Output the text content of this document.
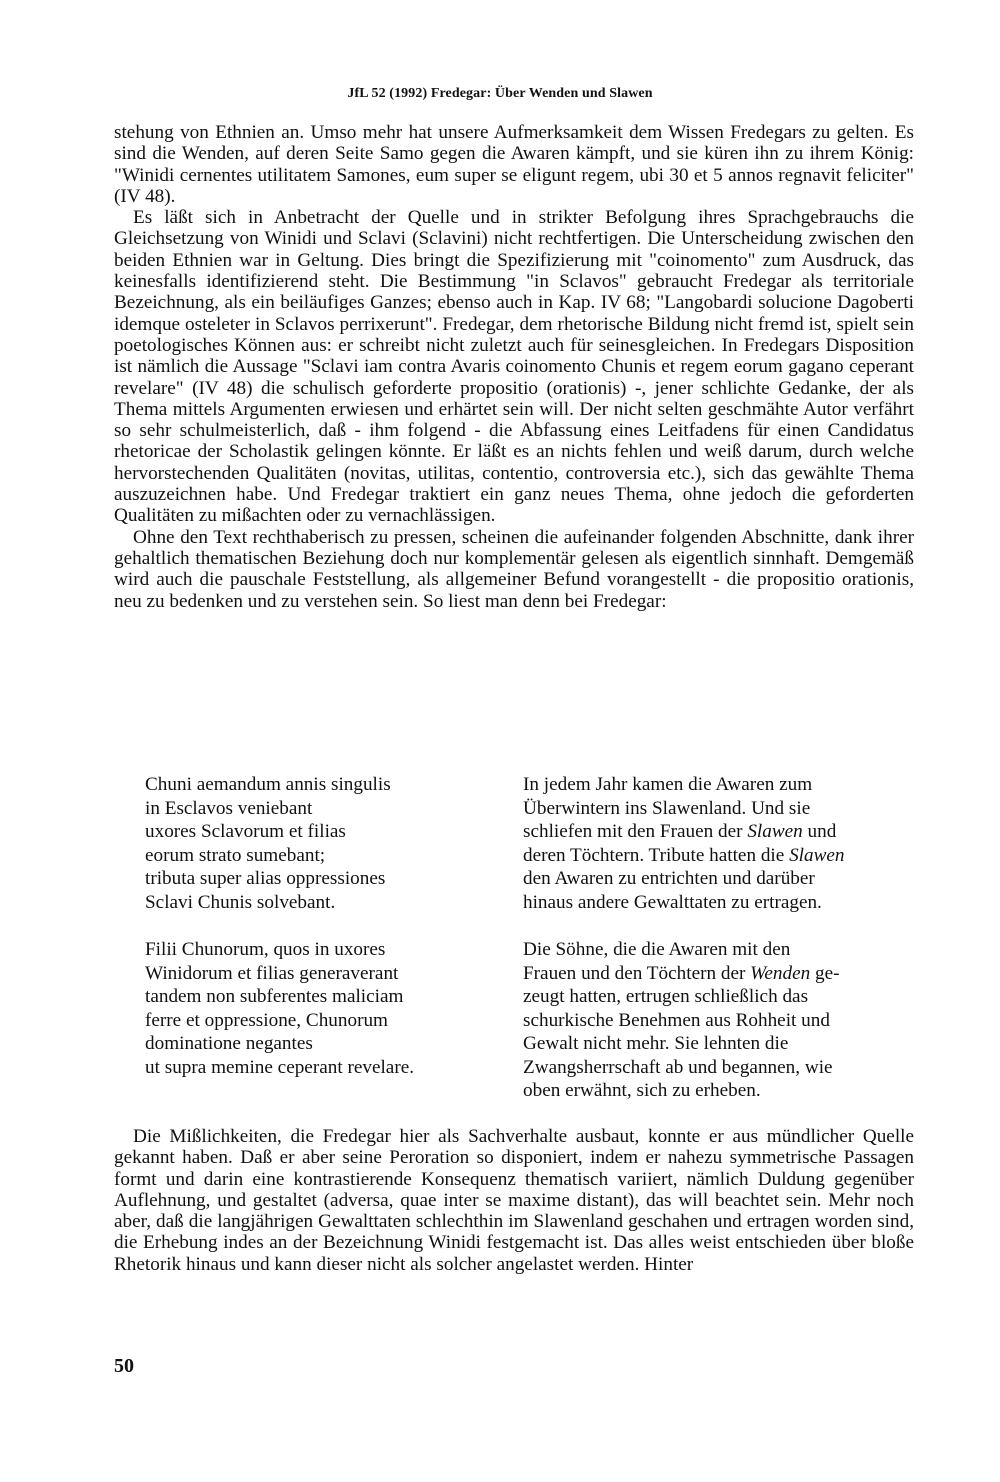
JfL 52 (1992) Fredegar: Über Wenden und Slawen

stehung von Ethnien an. Umso mehr hat unsere Aufmerksamkeit dem Wissen Fredegars zu gelten. Es sind die Wenden, auf deren Seite Samo gegen die Awaren kämpft, und sie küren ihn zu ihrem König: "Winidi cernentes utilitatem Samones, eum super se eligunt regem, ubi 30 et 5 annos regnavit feliciter" (IV 48).

Es läßt sich in Anbetracht der Quelle und in strikter Befolgung ihres Sprachgebrauchs die Gleichsetzung von Winidi und Sclavi (Sclavini) nicht rechtfertigen. Die Unterscheidung zwischen den beiden Ethnien war in Geltung. Dies bringt die Spezifizierung mit "coinomento" zum Ausdruck, das keinesfalls identifizierend steht. Die Bestimmung "in Sclavos" gebraucht Fredegar als territoriale Bezeichnung, als ein beiläufiges Ganzes; ebenso auch in Kap. IV 68; "Langobardi solucione Dagoberti idemque osteleter in Sclavos perrixerunt". Fredegar, dem rhetorische Bildung nicht fremd ist, spielt sein poetologisches Können aus: er schreibt nicht zuletzt auch für seinesgleichen. In Fredegars Disposition ist nämlich die Aussage "Sclavi iam contra Avaris coinomento Chunis et regem eorum gagano ceperant revelare" (IV 48) die schulisch geforderte propositio (orationis) -, jener schlichte Gedanke, der als Thema mittels Argumenten erwiesen und erhärtet sein will. Der nicht selten geschmähte Autor verfährt so sehr schulmeisterlich, daß - ihm folgend - die Abfassung eines Leitfadens für einen Candidatus rhetoricae der Scholastik gelingen könnte. Er läßt es an nichts fehlen und weiß darum, durch welche hervorstechenden Qualitäten (novitas, utilitas, contentio, controversia etc.), sich das gewählte Thema auszuzeichnen habe. Und Fredegar traktiert ein ganz neues Thema, ohne jedoch die geforderten Qualitäten zu mißachten oder zu vernachlässigen.

Ohne den Text rechthaberisch zu pressen, scheinen die aufeinander folgenden Abschnitte, dank ihrer gehaltlich thematischen Beziehung doch nur komplementär gelesen als eigentlich sinnhaft. Demgemäß wird auch die pauschale Feststellung, als allgemeiner Befund vorangestellt - die propositio orationis, neu zu bedenken und zu verstehen sein. So liest man denn bei Fredegar:

Chuni aemandum annis singulis
in Esclavos veniebant
uxores Sclavorum et filias
eorum strato sumebant;
tributa super alias oppressiones
Sclavi Chunis solvebant.
Filii Chunorum, quos in uxores
Winidorum et filias generaverant
tandem non subferentes maliciam
ferre et oppressione, Chunorum
dominatione negantes
ut supra memine ceperant revelare.
In jedem Jahr kamen die Awaren zum
Überwintern ins Slawenland. Und sie
schliefen mit den Frauen der Slawen und
deren Töchtern. Tribute hatten die Slawen
den Awaren zu entrichten und darüber
hinaus andere Gewalttaten zu ertragen.
Die Söhne, die die Awaren mit den
Frauen und den Töchtern der Wenden ge-
zeugt hatten, ertrugen schließlich das
schurkische Benehmen aus Rohheit und
Gewalt nicht mehr. Sie lehnten die
Zwangsherrschaft ab und begannen, wie
oben erwähnt, sich zu erheben.

Die Mißlichkeiten, die Fredegar hier als Sachverhalte ausbaut, konnte er aus mündlicher Quelle gekannt haben. Daß er aber seine Peroration so disponiert, indem er nahezu symmetrische Passagen formt und darin eine kontrastierende Konsequenz thematisch variiert, nämlich Duldung gegenüber Auflehnung, und gestaltet (adversa, quae inter se maxime distant), das will beachtet sein. Mehr noch aber, daß die langjährigen Gewalttaten schlechthin im Slawenland geschahen und ertragen worden sind, die Erhebung indes an der Bezeichnung Winidi festgemacht ist. Das alles weist entschieden über bloße Rhetorik hinaus und kann dieser nicht als solcher angelastet werden. Hinter

50
